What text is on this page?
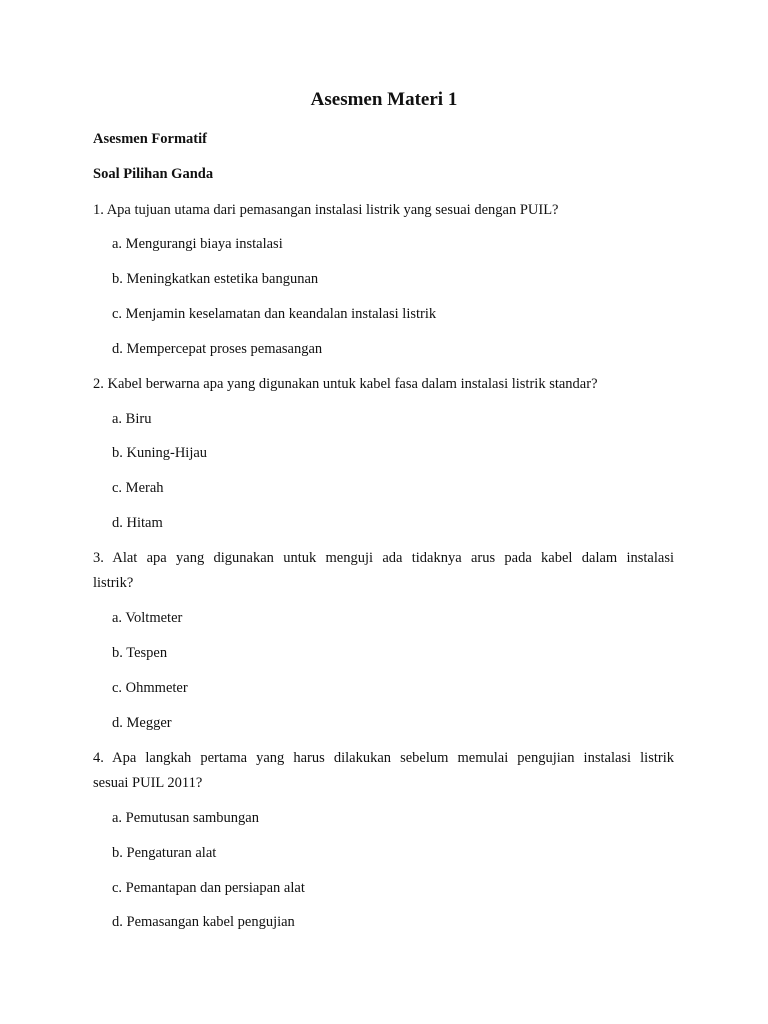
Asesmen Materi 1
Asesmen Formatif
Soal Pilihan Ganda
1. Apa tujuan utama dari pemasangan instalasi listrik yang sesuai dengan PUIL?
a. Mengurangi biaya instalasi
b. Meningkatkan estetika bangunan
c. Menjamin keselamatan dan keandalan instalasi listrik
d. Mempercepat proses pemasangan
2. Kabel berwarna apa yang digunakan untuk kabel fasa dalam instalasi listrik standar?
a. Biru
b. Kuning-Hijau
c. Merah
d. Hitam
3. Alat apa yang digunakan untuk menguji ada tidaknya arus pada kabel dalam instalasi
listrik?
a. Voltmeter
b. Tespen
c. Ohmmeter
d. Megger
4. Apa langkah pertama yang harus dilakukan sebelum memulai pengujian instalasi listrik
sesuai PUIL 2011?
a. Pemutusan sambungan
b. Pengaturan alat
c. Pemantapan dan persiapan alat
d. Pemasangan kabel pengujian
